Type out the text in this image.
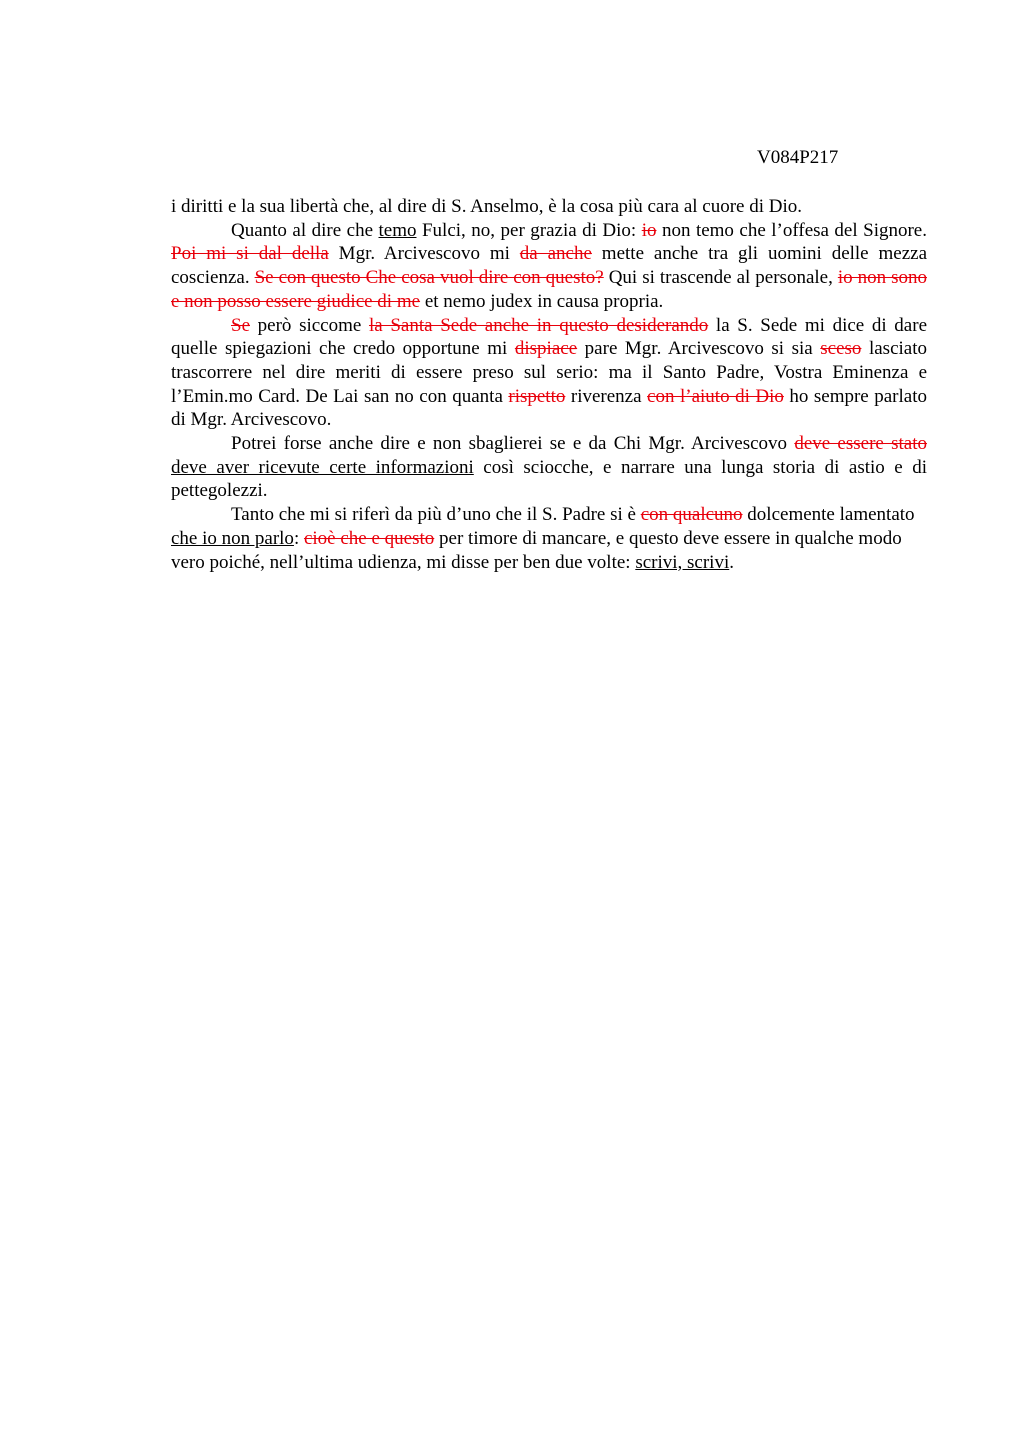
V084P217

i diritti e la sua libertà che, al dire di S. Anselmo, è la cosa più cara al cuore di Dio.

Quanto al dire che temo Fulci, no, per grazia di Dio: io non temo che l’offesa del Signore. Poi mi si dal della Mgr. Arcivescovo mi da anche mette anche tra gli uomini delle mezza coscienza. Se con questo Che cosa vuol dire con questo? Qui si trascende al personale, io non sono e non posso essere giudice di me et nemo judex in causa propria.

Se però siccome la Santa Sede anche in questo desiderando la S. Sede mi dice di dare quelle spiegazioni che credo opportune mi dispiace pare Mgr. Arcivescovo si sia sceso lasciato trascorrere nel dire meriti di essere preso sul serio: ma il Santo Padre, Vostra Eminenza e l’Emin.mo Card. De Lai san no con quanta rispetto riverenza con l’aiuto di Dio ho sempre parlato di Mgr. Arcivescovo.

Potrei forse anche dire e non sbaglierei se e da Chi Mgr. Arcivescovo deve essere stato deve aver ricevute certe informazioni così sciocche, e narrare una lunga storia di astio e di pettegolezzi.

Tanto che mi si riferì da più d’uno che il S. Padre si è con qualcuno dolcemente lamentato che io non parlo: cioè che e questo per timore di mancare, e questo deve essere in qualche modo vero poiché, nell’ultima udienza, mi disse per ben due volte: scrivi, scrivi.
